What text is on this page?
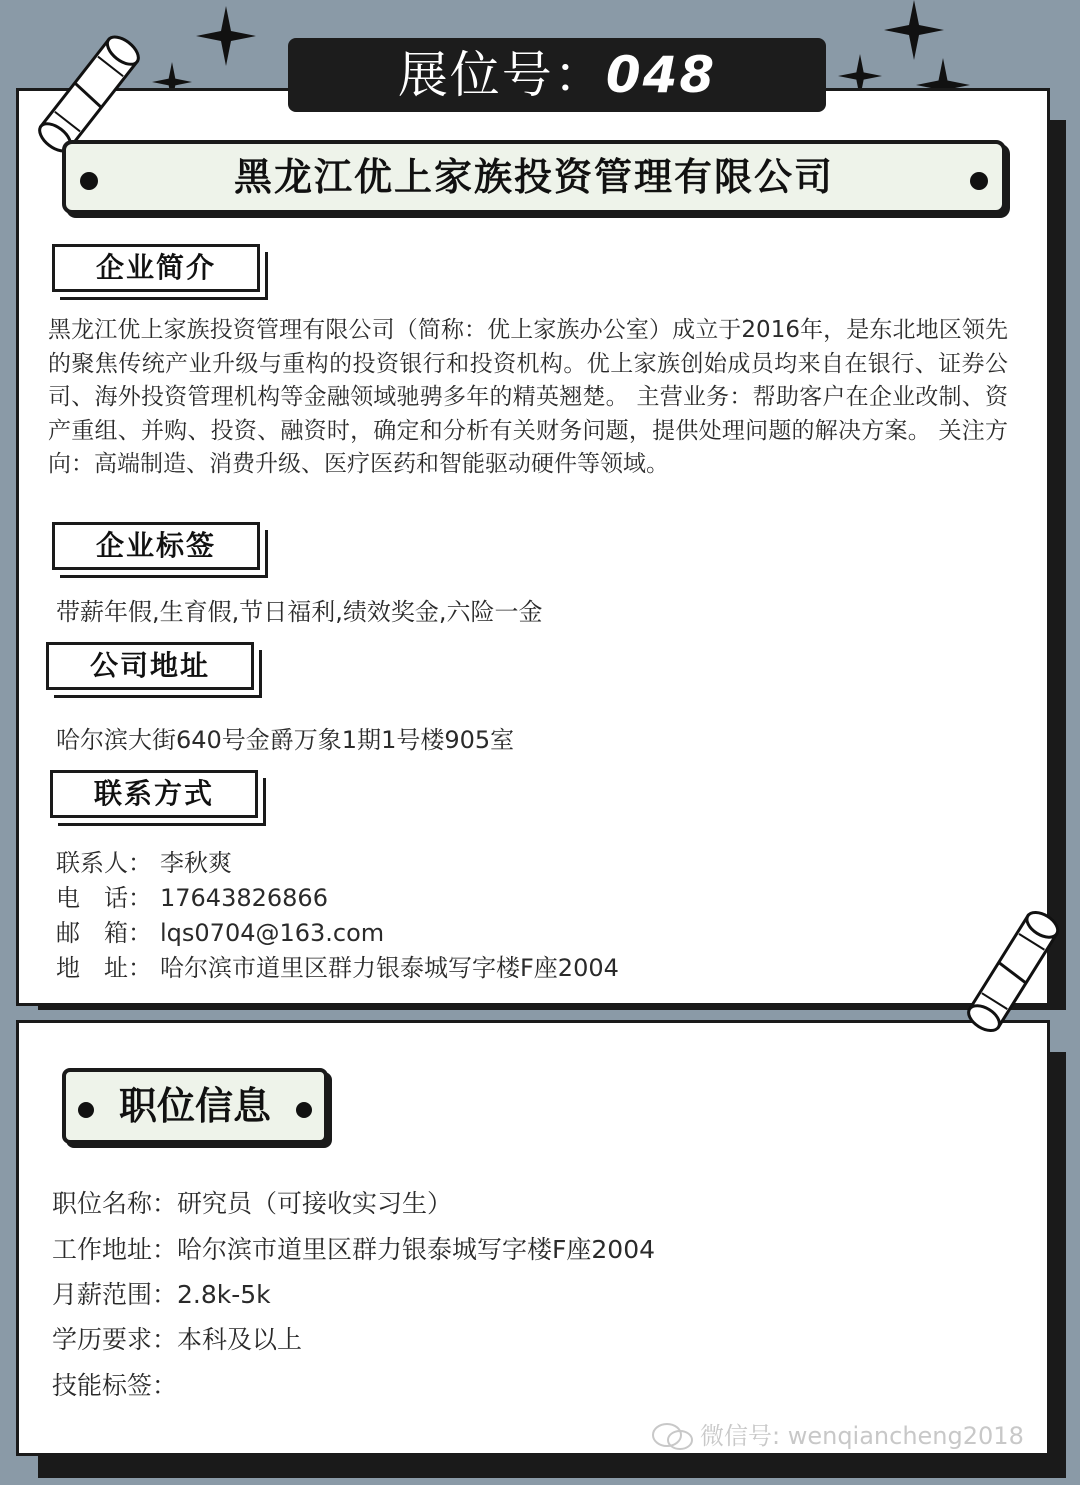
展位号：048
黑龙江优上家族投资管理有限公司
企业简介
黑龙江优上家族投资管理有限公司（简称：优上家族办公室）成立于2016年，是东北地区领先的聚焦传统产业升级与重构的投资银行和投资机构。优上家族创始成员均来自在银行、证券公司、海外投资管理机构等金融领域驰骋多年的精英翘楚。 主营业务：帮助客户在企业改制、资产重组、并购、投资、融资时，确定和分析有关财务问题，提供处理问题的解决方案。 关注方向：高端制造、消费升级、医疗医药和智能驱动硬件等领域。
企业标签
带薪年假,生育假,节日福利,绩效奖金,六险一金
公司地址
哈尔滨大街640号金爵万象1期1号楼905室
联系方式
联系人： 李秋爽
电　话： 17643826866
邮　箱： lqs0704@163.com
地　址： 哈尔滨市道里区群力银泰城写字楼F座2004
职位信息
职位名称：研究员（可接收实习生）
工作地址：哈尔滨市道里区群力银泰城写字楼F座2004
月薪范围：2.8k-5k
学历要求：本科及以上
技能标签：
微信号: wenqiancheng2018
